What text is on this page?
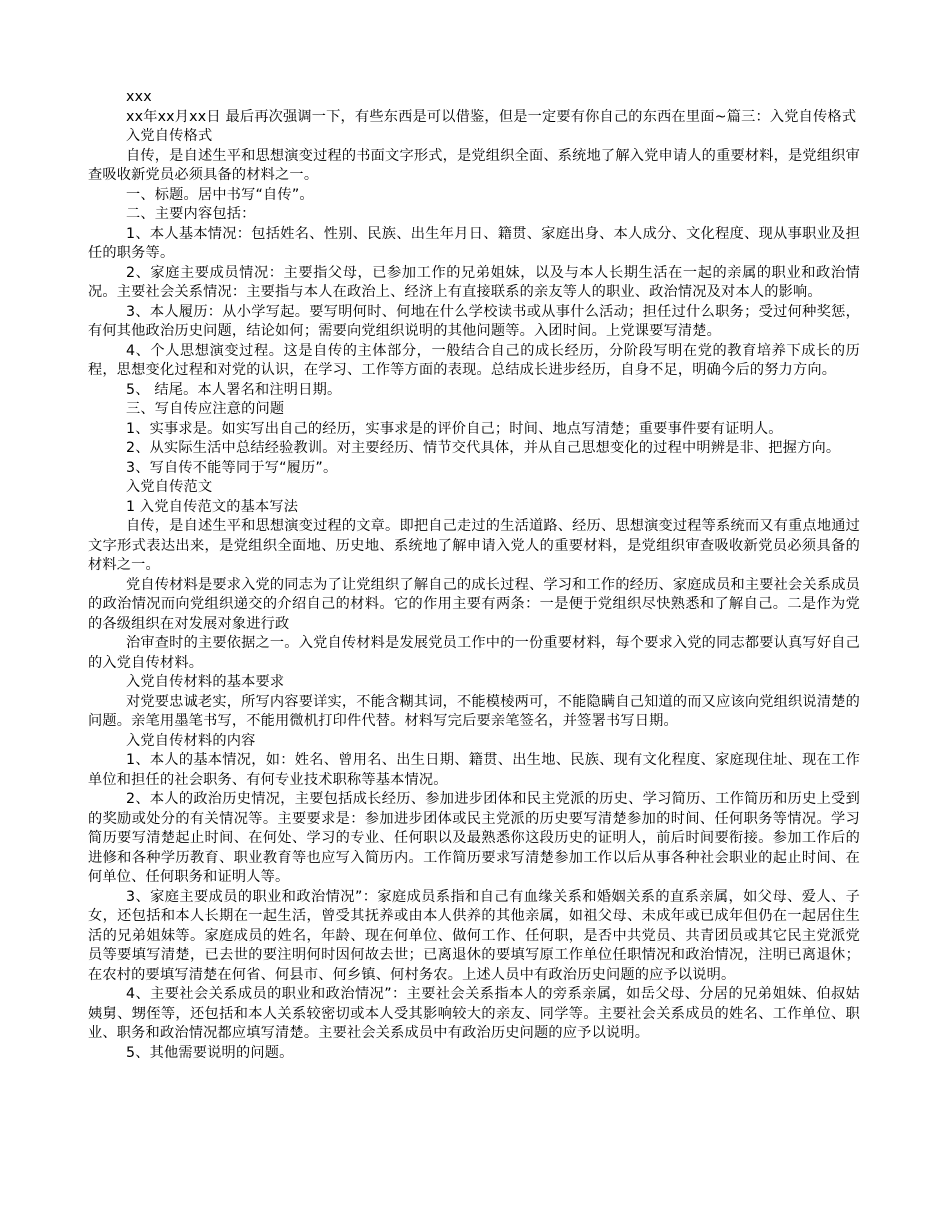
xxx

xx年xx月xx日 最后再次强调一下，有些东西是可以借鉴，但是一定要有你自己的东西在里面~篇三：入党自传格式

入党自传格式

自传，是自述生平和思想演变过程的书面文字形式，是党组织全面、系统地了解入党申请人的重要材料，是党组织审查吸收新党员必须具备的材料之一。

一、标题。居中书写“自传”。

二、主要内容包括：

1、本人基本情况：包括姓名、性别、民族、出生年月日、籍贯、家庭出身、本人成分、文化程度、现从事职业及担任的职务等。

2、家庭主要成员情况：主要指父母，已参加工作的兄弟姐妹，以及与本人长期生活在一起的亲属的职业和政治情况。主要社会关系情况：主要指与本人在政治上、经济上有直接联系的亲友等人的职业、政治情况及对本人的影响。

3、本人履历：从小学写起。要写明何时、何地在什么学校读书或从事什么活动；担任过什么职务；受过何种奖惩，有何其他政治历史问题，结论如何；需要向党组织说明的其他问题等。入团时间。上党课要写清楚。

4、个人思想演变过程。这是自传的主体部分，一般结合自己的成长经历，分阶段写明在党的教育培养下成长的历程，思想变化过程和对党的认识，在学习、工作等方面的表现。总结成长进步经历，自身不足，明确今后的努力方向。

5、 结尾。本人署名和注明日期。

三、写自传应注意的问题

1、实事求是。如实写出自己的经历，实事求是的评价自己；时间、地点写清楚；重要事件要有证明人。

2、从实际生活中总结经验教训。对主要经历、情节交代具体，并从自己思想变化的过程中明辨是非、把握方向。

3、写自传不能等同于写“履历”。

入党自传范文

1 入党自传范文的基本写法

自传，是自述生平和思想演变过程的文章。即把自己走过的生活道路、经历、思想演变过程等系统而又有重点地通过文字形式表达出来，是党组织全面地、历史地、系统地了解申请入党人的重要材料，是党组织审查吸收新党员必须具备的材料之一。

党自传材料是要求入党的同志为了让党组织了解自己的成长过程、学习和工作的经历、家庭成员和主要社会关系成员的政治情况而向党组织递交的介绍自己的材料。它的作用主要有两条：一是便于党组织尽快熟悉和了解自己。二是作为党的各级组织在对发展对象进行政

治审查时的主要依据之一。入党自传材料是发展党员工作中的一份重要材料，每个要求入党的同志都要认真写好自己的入党自传材料。

入党自传材料的基本要求

对党要忠诚老实，所写内容要详实，不能含糊其词，不能模棱两可，不能隐瞒自己知道的而又应该向党组织说清楚的问题。亲笔用墨笔书写，不能用微机打印件代替。材料写完后要亲笔签名，并签署书写日期。

入党自传材料的内容

1、本人的基本情况，如：姓名、曾用名、出生日期、籍贯、出生地、民族、现有文化程度、家庭现住址、现在工作单位和担任的社会职务、有何专业技术职称等基本情况。

2、本人的政治历史情况，主要包括成长经历、参加进步团体和民主党派的历史、学习简历、工作简历和历史上受到的奖励或处分的有关情况等。主要要求是：参加进步团体或民主党派的历史要写清楚参加的时间、任何职务等情况。学习简历要写清楚起止时间、在何处、学习的专业、任何职以及最熟悉你这段历史的证明人，前后时间要衔接。参加工作后的进修和各种学历教育、职业教育等也应写入简历内。工作简历要求写清楚参加工作以后从事各种社会职业的起止时间、在何单位、任何职务和证明人等。

3、家庭主要成员的职业和政治情况”：家庭成员系指和自己有血缘关系和婚姻关系的直系亲属，如父母、爱人、子女，还包括和本人长期在一起生活，曾受其抚养或由本人供养的其他亲属，如祖父母、未成年或已成年但仍在一起居住生活的兄弟姐妹等。家庭成员的姓名，年龄、现在何单位、做何工作、任何职，是否中共党员、共青团员或其它民主党派党员等要填写清楚，已去世的要注明何时因何故去世；已离退休的要填写原工作单位任职情况和政治情况，注明已离退休；在农村的要填写清楚在何省、何县市、何乡镇、何村务农。上述人员中有政治历史问题的应予以说明。

4、主要社会关系成员的职业和政治情况”：主要社会关系指本人的旁系亲属，如岳父母、分居的兄弟姐妹、伯叔姑姨舅、甥侄等，还包括和本人关系较密切或本人受其影响较大的亲友、同学等。主要社会关系成员的姓名、工作单位、职业、职务和政治情况都应填写清楚。主要社会关系成员中有政治历史问题的应予以说明。

5、其他需要说明的问题。
